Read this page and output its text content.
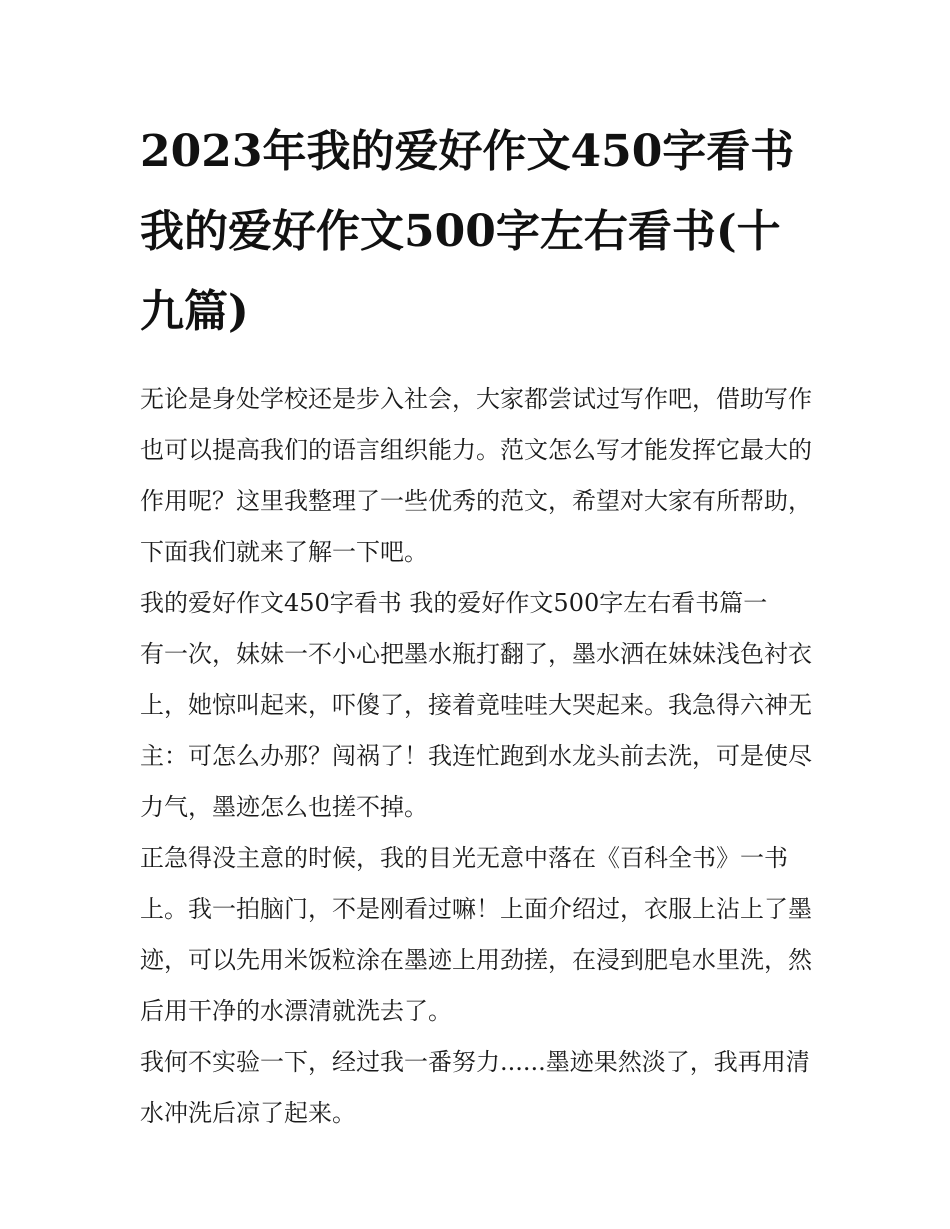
2023年我的爱好作文450字看书 我的爱好作文500字左右看书(十九篇)

无论是身处学校还是步入社会，大家都尝试过写作吧，借助写作也可以提高我们的语言组织能力。范文怎么写才能发挥它最大的作用呢？这里我整理了一些优秀的范文，希望对大家有所帮助，下面我们就来了解一下吧。

我的爱好作文450字看书 我的爱好作文500字左右看书篇一

有一次，妹妹一不小心把墨水瓶打翻了，墨水洒在妹妹浅色衬衣上，她惊叫起来，吓傻了，接着竟哇哇大哭起来。我急得六神无主：可怎么办那？闯祸了！我连忙跑到水龙头前去洗，可是使尽力气，墨迹怎么也搓不掉。

正急得没主意的时候，我的目光无意中落在《百科全书》一书上。我一拍脑门，不是刚看过嘛！上面介绍过，衣服上沾上了墨迹，可以先用米饭粒涂在墨迹上用劲搓，在浸到肥皂水里洗，然后用干净的水漂清就洗去了。

我何不实验一下，经过我一番努力......墨迹果然淡了，我再用清水冲洗后凉了起来。
